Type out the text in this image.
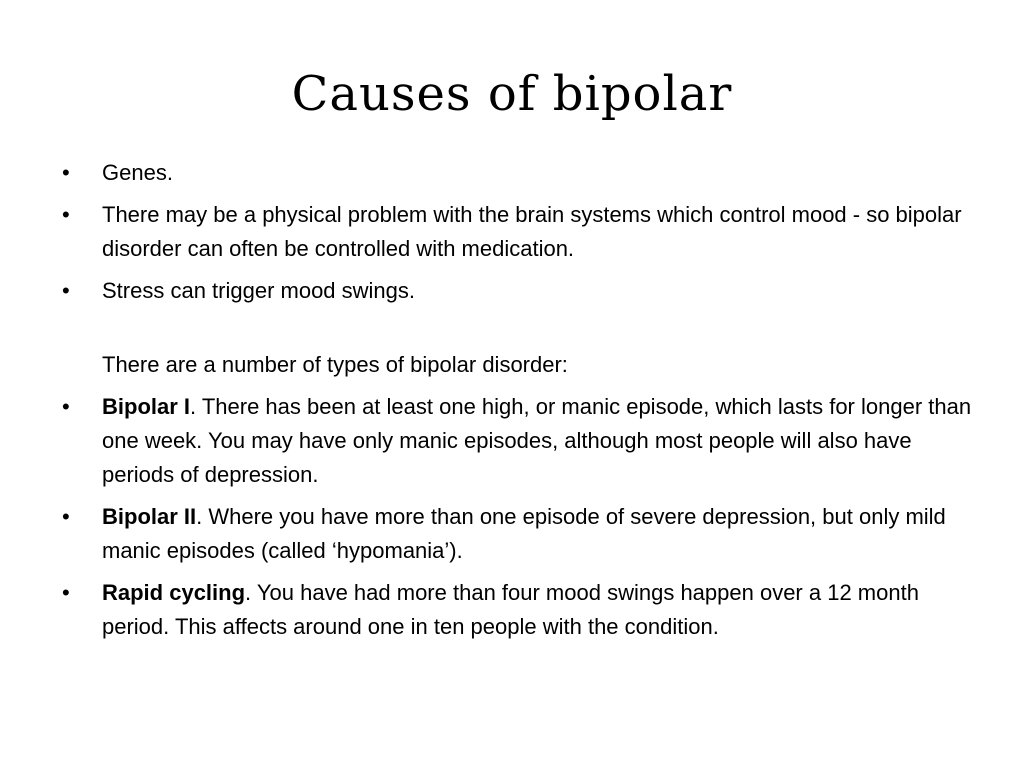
Causes of bipolar
• Genes.
• There may be a physical problem with the brain systems which control mood - so bipolar disorder can often be controlled with medication.
• Stress can trigger mood swings.
There are a number of types of bipolar disorder:
• Bipolar I. There has been at least one high, or manic episode, which lasts for longer than one week. You may have only manic episodes, although most people will also have periods of depression.
• Bipolar II. Where you have more than one episode of severe depression, but only mild manic episodes (called ‘hypomania’).
• Rapid cycling. You have had more than four mood swings happen over a 12 month period. This affects around one in ten people with the condition.
